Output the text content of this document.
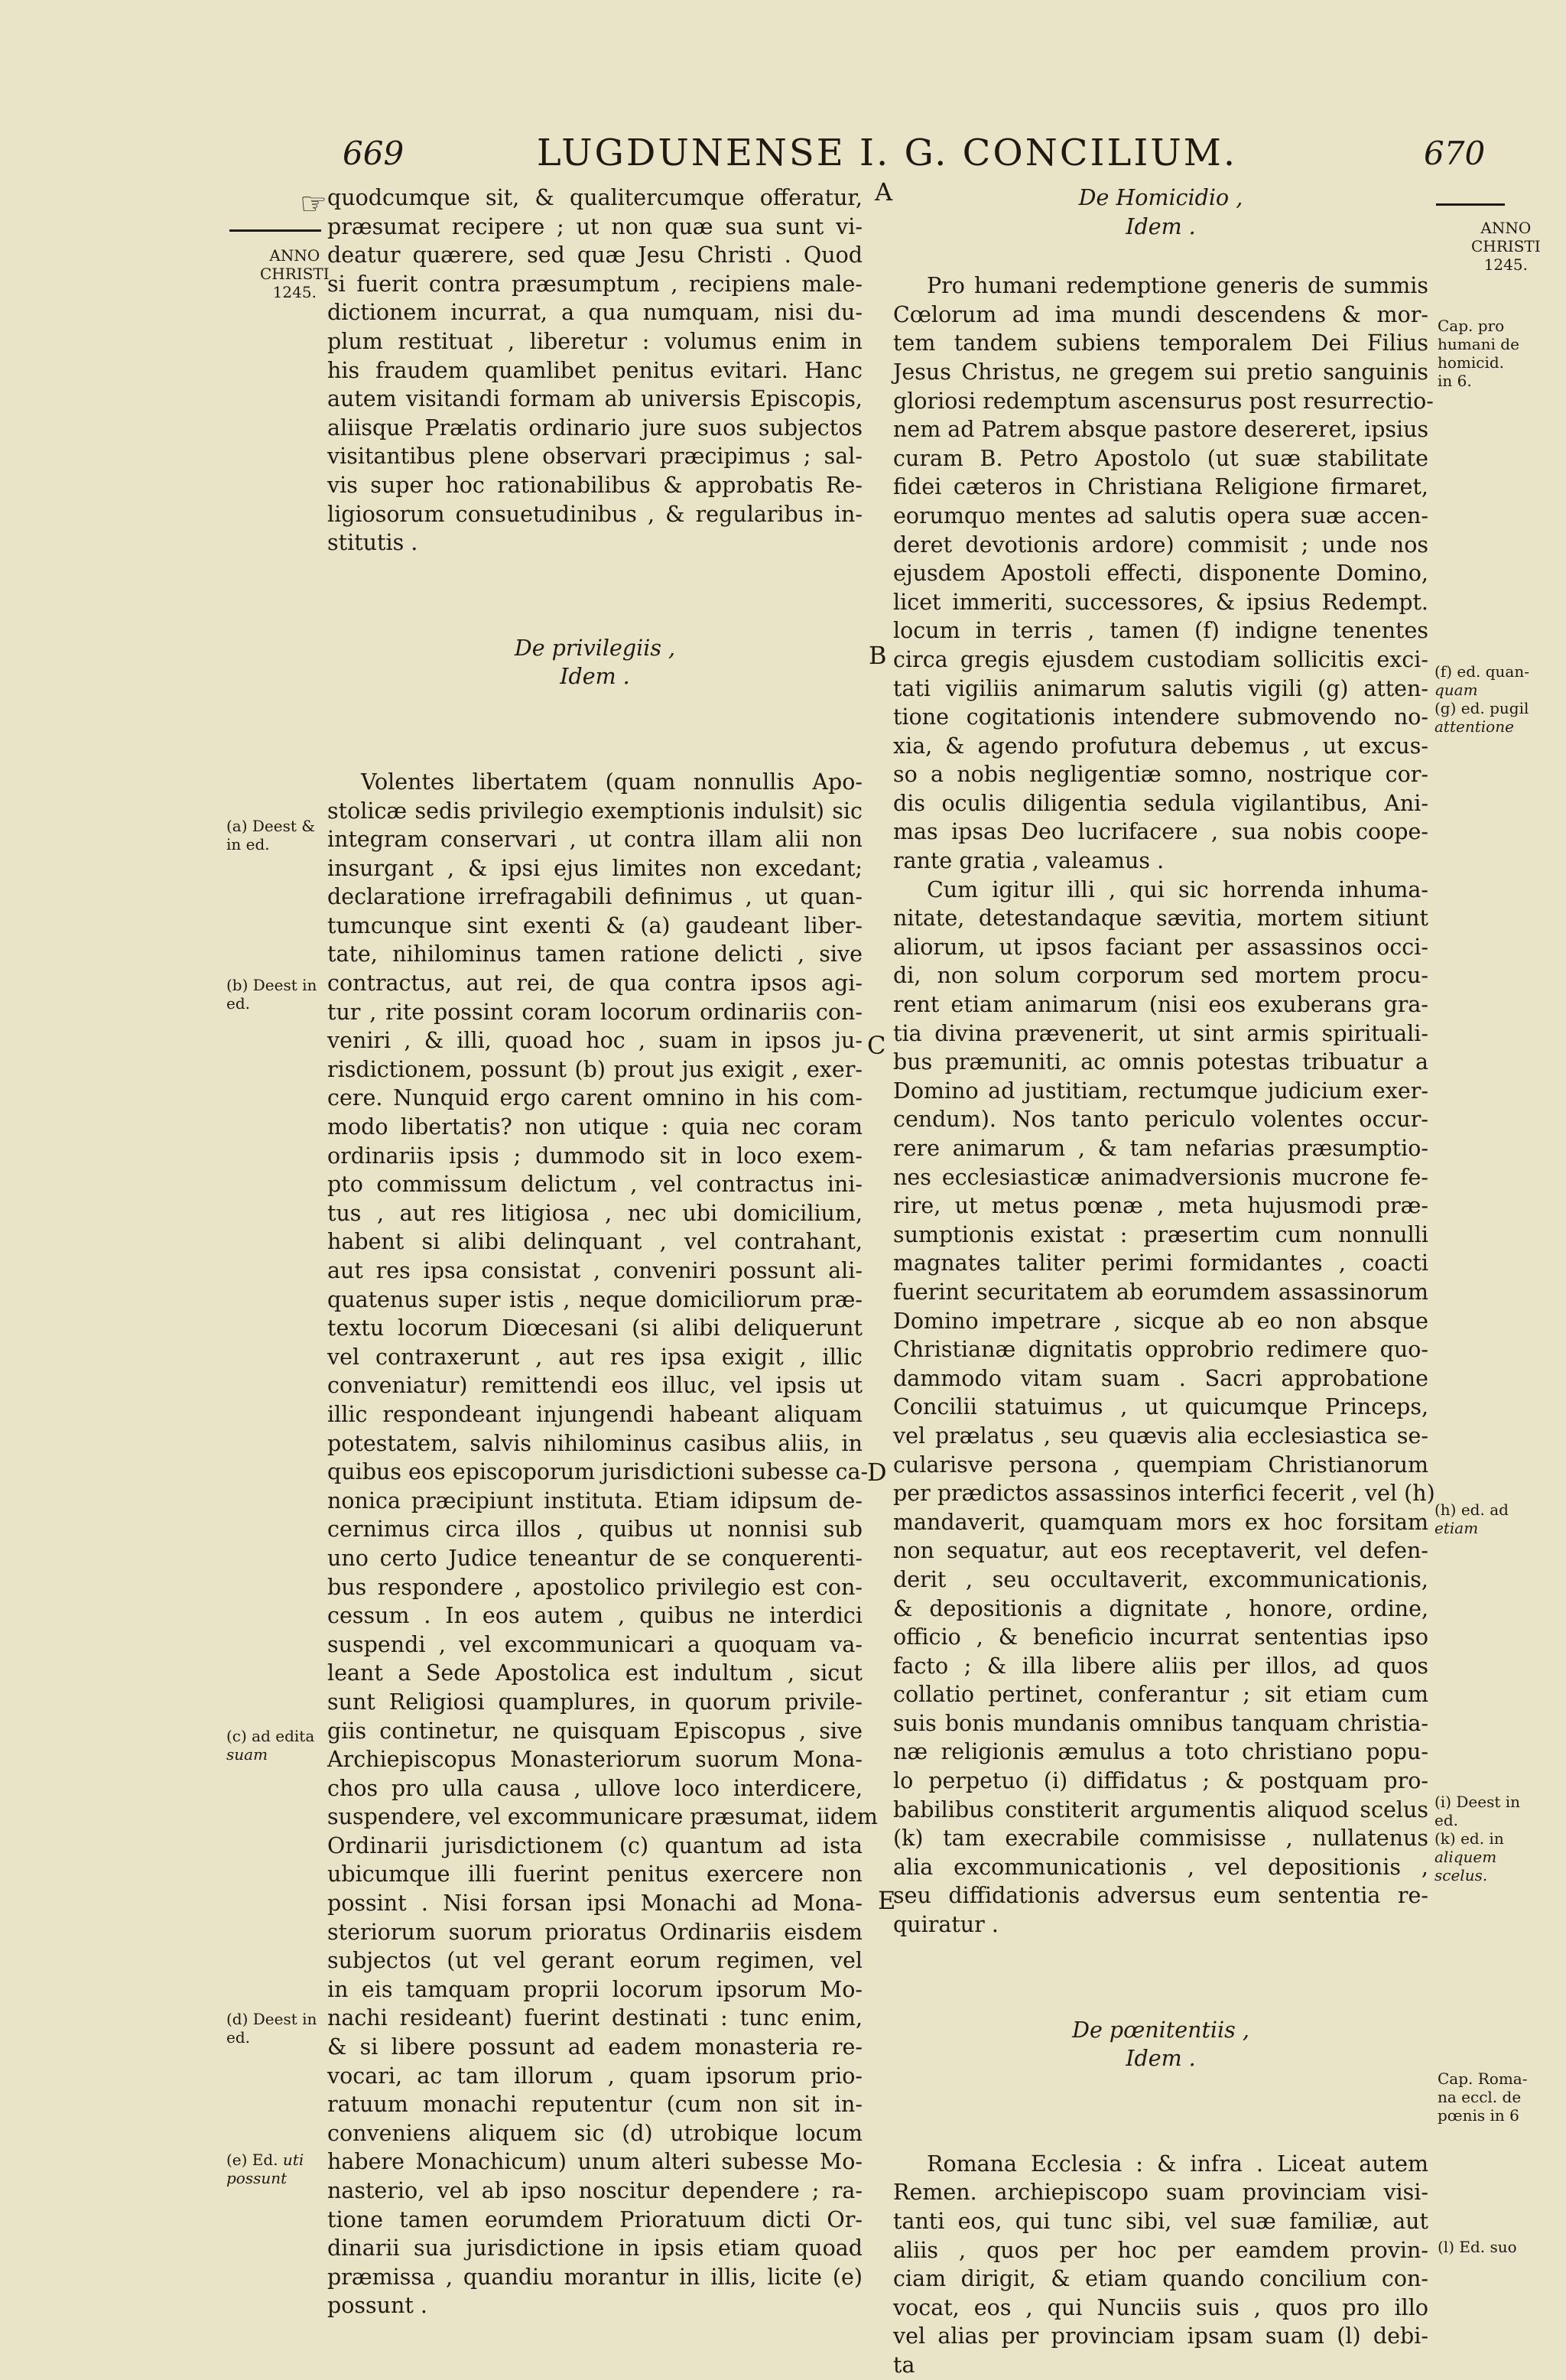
669	LUGDUNENSE I. G. CONCILIUM.	670
☞
ANNO
CHRISTI
1245.
(a) Deest &
in ed.
(b) Deest in
ed.
(c) ad edita
suam
(d) Deest in
ed.
(e) Ed. uti
possunt
ANNO
CHRISTI
1245.
Cap. pro
humani de
homicid.
in 6.
(f) ed. quan-
quam
(g) ed. pugil
attentione
(h) ed. ad
etiam
(i) Deest in
ed.
(k) ed. in
aliquem
scelus.
Cap. Roma-
na eccl. de
pœnis in 6
(l) Ed. suo
A
B
C
D
E
quodcumque sit, & qualitercumque offeratur,
præsumat recipere ; ut non quæ sua sunt vi-
deatur quærere, sed quæ Jesu Christi . Quod
si fuerit contra præsumptum , recipiens male-
dictionem incurrat, a qua numquam, nisi du-
plum restituat , liberetur : volumus enim in
his fraudem quamlibet penitus evitari. Hanc
autem visitandi formam ab universis Episcopis,
aliisque Prælatis ordinario jure suos subjectos
visitantibus plene observari præcipimus ; sal-
vis super hoc rationabilibus & approbatis Re-
ligiosorum consuetudinibus , & regularibus in-
stitutis .
De privilegiis ,
Idem .
Volentes libertatem (quam nonnullis Apo-
stolicæ sedis privilegio exemptionis indulsit) sic
integram conservari , ut contra illam alii non
insurgant , & ipsi ejus limites non excedant;
declaratione irrefragabili definimus , ut quan-
tumcunque sint exenti & (a) gaudeant liber-
tate, nihilominus tamen ratione delicti , sive
contractus, aut rei, de qua contra ipsos agi-
tur , rite possint coram locorum ordinariis con-
veniri , & illi, quoad hoc , suam in ipsos ju-
risdictionem, possunt (b) prout jus exigit , exer-
cere. Nunquid ergo carent omnino in his com-
modo libertatis? non utique : quia nec coram
ordinariis ipsis ; dummodo sit in loco exem-
pto commissum delictum , vel contractus ini-
tus , aut res litigiosa , nec ubi domicilium,
habent si alibi delinquant , vel contrahant,
aut res ipsa consistat , conveniri possunt ali-
quatenus super istis , neque domiciliorum præ-
textu locorum Diœcesani (si alibi deliquerunt
vel contraxerunt , aut res ipsa exigit , illic
conveniatur) remittendi eos illuc, vel ipsis ut
illic respondeant injungendi habeant aliquam
potestatem, salvis nihilominus casibus aliis, in
quibus eos episcoporum jurisdictioni subesse ca-
nonica præcipiunt instituta. Etiam idipsum de-
cernimus circa illos , quibus ut nonnisi sub
uno certo Judice teneantur de se conquerenti-
bus respondere , apostolico privilegio est con-
cessum . In eos autem , quibus ne interdici
suspendi , vel excommunicari a quoquam va-
leant a Sede Apostolica est indultum , sicut
sunt Religiosi quamplures, in quorum privile-
giis continetur, ne quisquam Episcopus , sive
Archiepiscopus Monasteriorum suorum Mona-
chos pro ulla causa , ullove loco interdicere,
suspendere, vel excommunicare præsumat, iidem
Ordinarii jurisdictionem (c) quantum ad ista
ubicumque illi fuerint penitus exercere non
possint . Nisi forsan ipsi Monachi ad Mona-
steriorum suorum prioratus Ordinariis eisdem
subjectos (ut vel gerant eorum regimen, vel
in eis tamquam proprii locorum ipsorum Mo-
nachi resideant) fuerint destinati : tunc enim,
& si libere possunt ad eadem monasteria re-
vocari, ac tam illorum , quam ipsorum prio-
ratuum monachi reputentur (cum non sit in-
conveniens aliquem sic (d) utrobique locum
habere Monachicum) unum alteri subesse Mo-
nasterio, vel ab ipso noscitur dependere ; ra-
tione tamen eorumdem Prioratuum dicti Or-
dinarii sua jurisdictione in ipsis etiam quoad
præmissa , quandiu morantur in illis, licite (e)
possunt .
De Homicidio ,
Idem .
Pro humani redemptione generis de summis
Cœlorum ad ima mundi descendens & mor-
tem tandem subiens temporalem Dei Filius
Jesus Christus, ne gregem sui pretio sanguinis
gloriosi redemptum ascensurus post resurrectio-
nem ad Patrem absque pastore desereret, ipsius
curam B. Petro Apostolo (ut suæ stabilitate
fidei cæteros in Christiana Religione firmaret,
eorumquo mentes ad salutis opera suæ accen-
deret devotionis ardore) commisit ; unde nos
ejusdem Apostoli effecti, disponente Domino,
licet immeriti, successores, & ipsius Redempt.
locum in terris , tamen (f) indigne tenentes
circa gregis ejusdem custodiam sollicitis exci-
tati vigiliis animarum salutis vigili (g) atten-
tione cogitationis intendere submovendo no-
xia, & agendo profutura debemus , ut excus-
so a nobis negligentiæ somno, nostrique cor-
dis oculis diligentia sedula vigilantibus, Ani-
mas ipsas Deo lucrifacere , sua nobis coope-
rante gratia , valeamus .
Cum igitur illi , qui sic horrenda inhuma-
nitate, detestandaque sævitia, mortem sitiunt
aliorum, ut ipsos faciant per assassinos occi-
di, non solum corporum sed mortem procu-
rent etiam animarum (nisi eos exuberans gra-
tia divina prævenerit, ut sint armis spirituali-
bus præmuniti, ac omnis potestas tribuatur a
Domino ad justitiam, rectumque judicium exer-
cendum). Nos tanto periculo volentes occur-
rere animarum , & tam nefarias præsumptio-
nes ecclesiasticæ animadversionis mucrone fe-
rire, ut metus pœnæ , meta hujusmodi præ-
sumptionis existat : præsertim cum nonnulli
magnates taliter perimi formidantes , coacti
fuerint securitatem ab eorumdem assassinorum
Domino impetrare , sicque ab eo non absque
Christianæ dignitatis opprobrio redimere quo-
dammodo vitam suam . Sacri approbatione
Concilii statuimus , ut quicumque Princeps,
vel prælatus , seu quævis alia ecclesiastica se-
cularisve persona , quempiam Christianorum
per prædictos assassinos interfici fecerit , vel (h)
mandaverit, quamquam mors ex hoc forsitam
non sequatur, aut eos receptaverit, vel defen-
derit , seu occultaverit, excommunicationis,
& depositionis a dignitate , honore, ordine,
officio , & beneficio incurrat sententias ipso
facto ; & illa libere aliis per illos, ad quos
collatio pertinet, conferantur ; sit etiam cum
suis bonis mundanis omnibus tanquam christia-
næ religionis æmulus a toto christiano popu-
lo perpetuo (i) diffidatus ; & postquam pro-
babilibus constiterit argumentis aliquod scelus
(k) tam execrabile commisisse , nullatenus
alia excommunicationis , vel depositionis ,
seu diffidationis adversus eum sententia re-
quiratur .
De pœnitentiis ,
Idem .
Romana Ecclesia : & infra . Liceat autem
Remen. archiepiscopo suam provinciam visi-
tanti eos, qui tunc sibi, vel suæ familiæ, aut
aliis , quos per hoc per eamdem provin-
ciam dirigit, & etiam quando concilium con-
vocat, eos , qui Nunciis suis , quos pro illo
vel alias per provinciam ipsam suam (l) debi-
ta
